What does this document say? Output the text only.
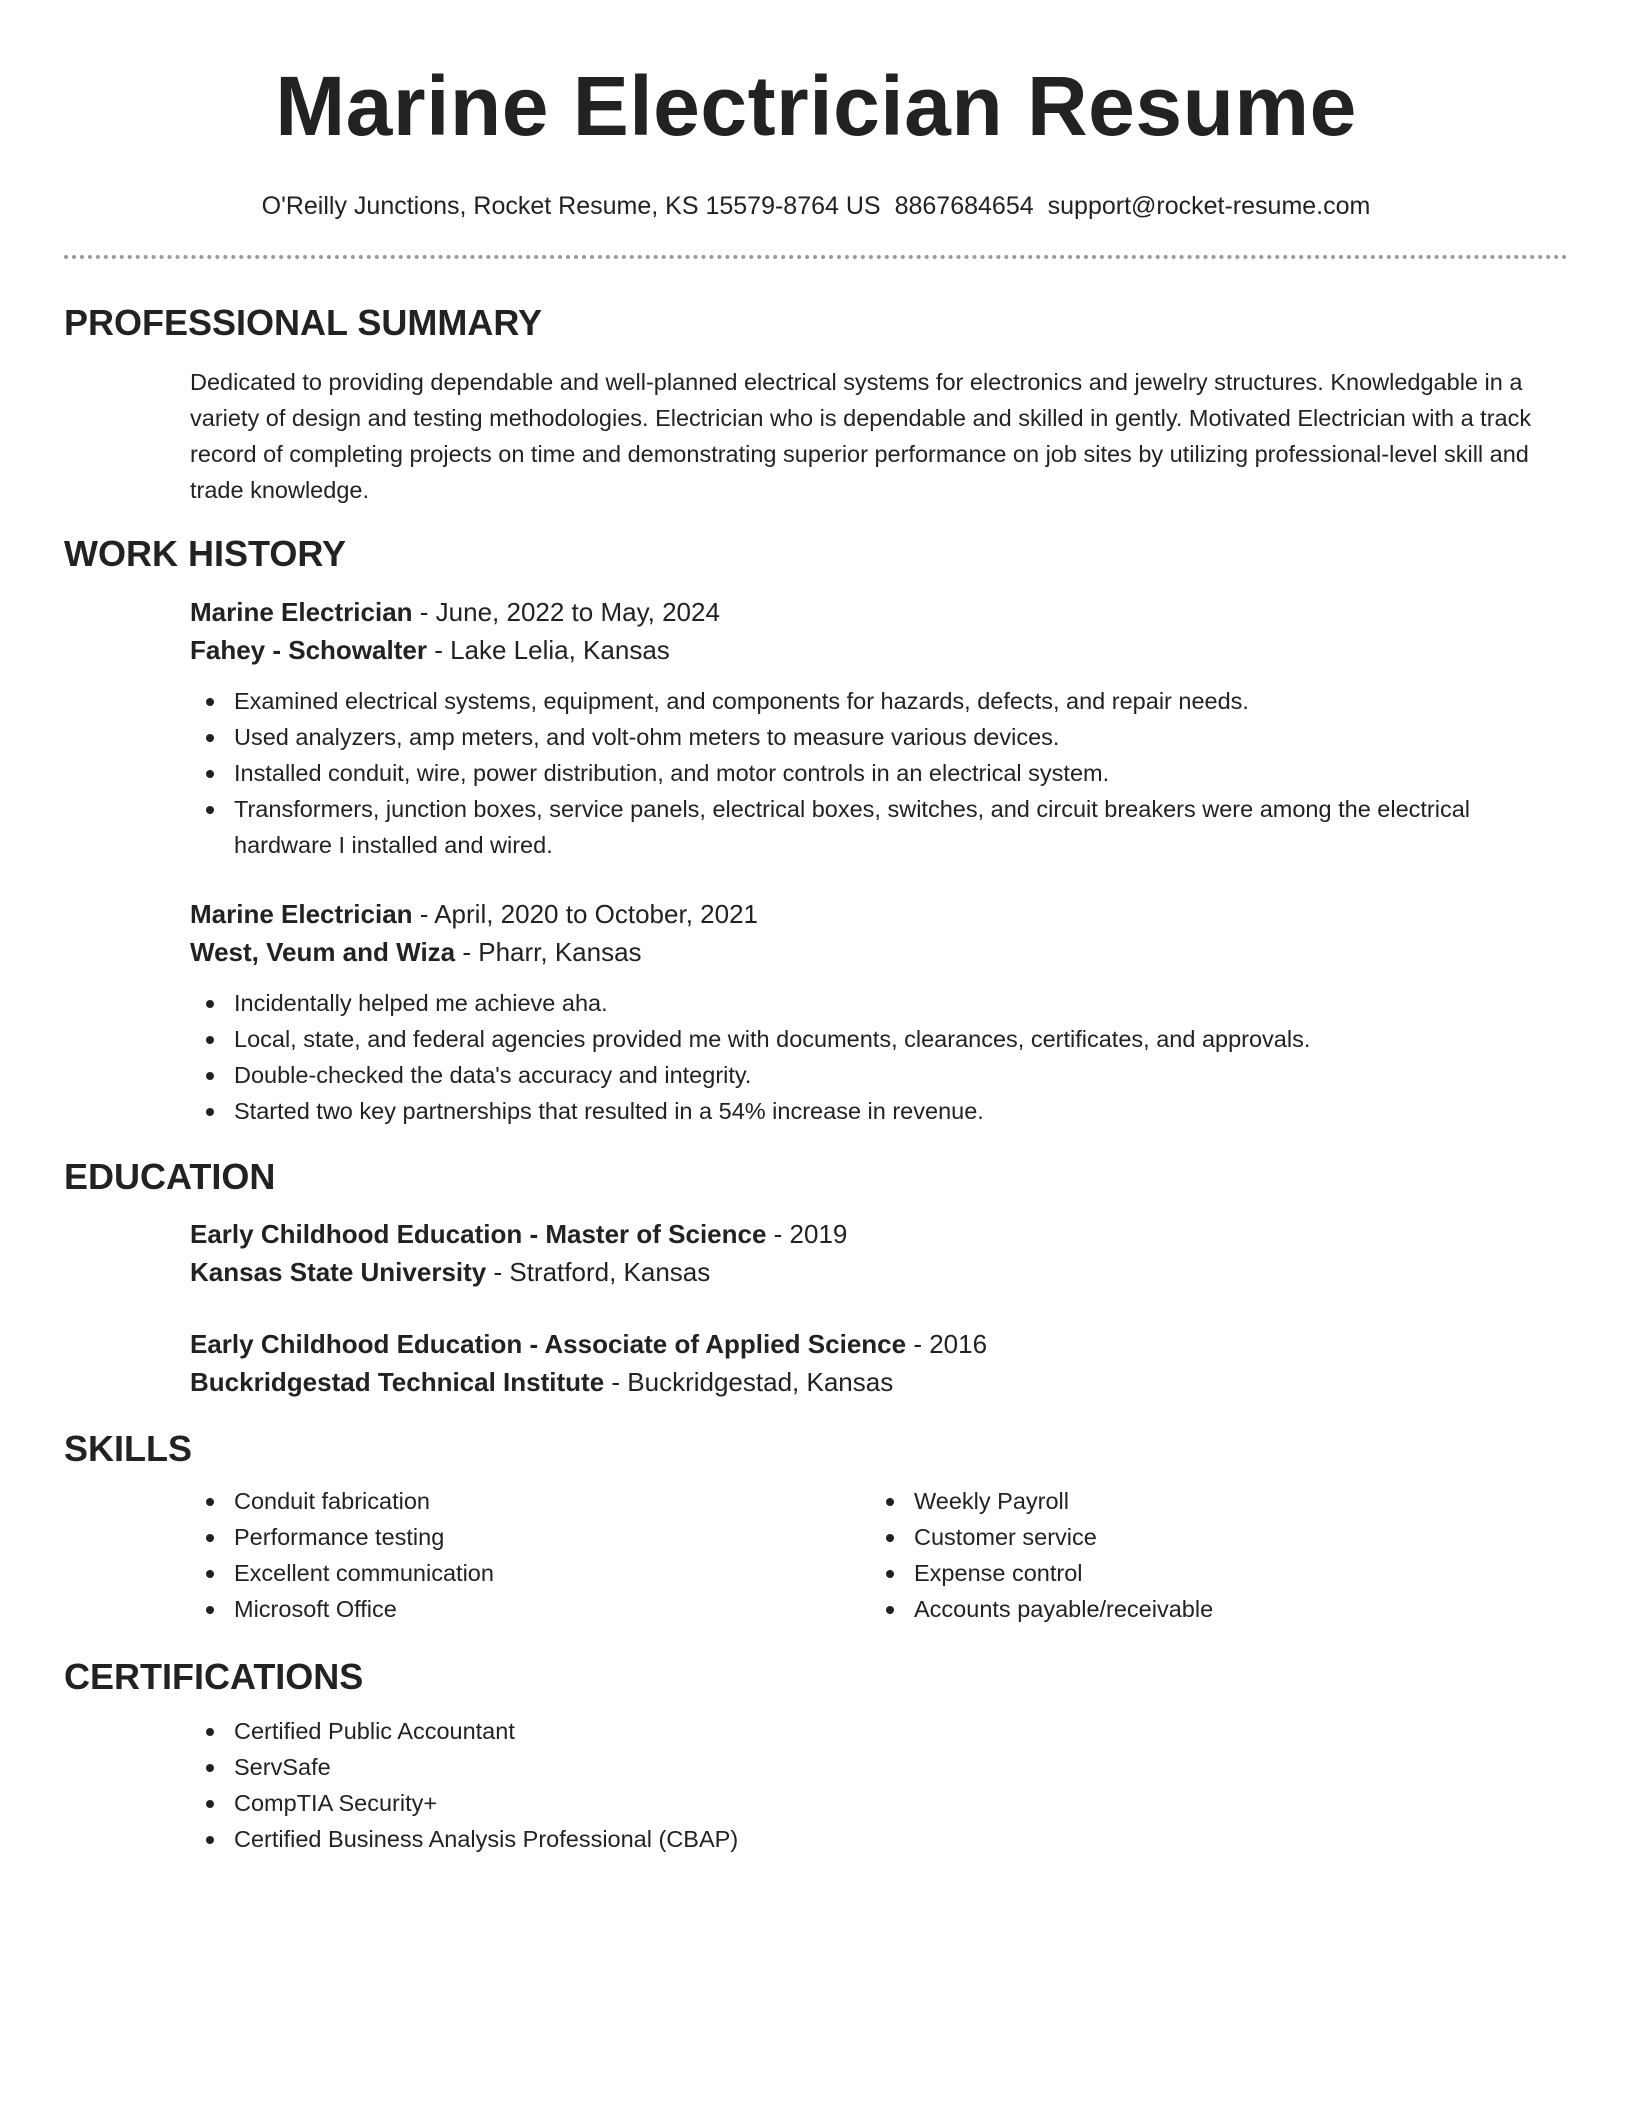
Marine Electrician Resume
O'Reilly Junctions, Rocket Resume, KS 15579-8764 US 8867684654 support@rocket-resume.com
PROFESSIONAL SUMMARY

Dedicated to providing dependable and well-planned electrical systems for electronics and jewelry structures. Knowledgable in a variety of design and testing methodologies. Electrician who is dependable and skilled in gently. Motivated Electrician with a track record of completing projects on time and demonstrating superior performance on job sites by utilizing professional-level skill and trade knowledge.

WORK HISTORY
Marine Electrician - June, 2022 to May, 2024
Fahey - Schowalter - Lake Lelia, Kansas
Examined electrical systems, equipment, and components for hazards, defects, and repair needs.
Used analyzers, amp meters, and volt-ohm meters to measure various devices.
Installed conduit, wire, power distribution, and motor controls in an electrical system.
Transformers, junction boxes, service panels, electrical boxes, switches, and circuit breakers were among the electrical hardware I installed and wired.
Marine Electrician - April, 2020 to October, 2021
West, Veum and Wiza - Pharr, Kansas
Incidentally helped me achieve aha.
Local, state, and federal agencies provided me with documents, clearances, certificates, and approvals.
Double-checked the data's accuracy and integrity.
Started two key partnerships that resulted in a 54% increase in revenue.
EDUCATION
Early Childhood Education - Master of Science - 2019
Kansas State University - Stratford, Kansas
Early Childhood Education - Associate of Applied Science - 2016
Buckridgestad Technical Institute - Buckridgestad, Kansas
SKILLS
Conduit fabrication
Performance testing
Excellent communication
Microsoft Office
Weekly Payroll
Customer service
Expense control
Accounts payable/receivable
CERTIFICATIONS
Certified Public Accountant
ServSafe
CompTIA Security+
Certified Business Analysis Professional (CBAP)
